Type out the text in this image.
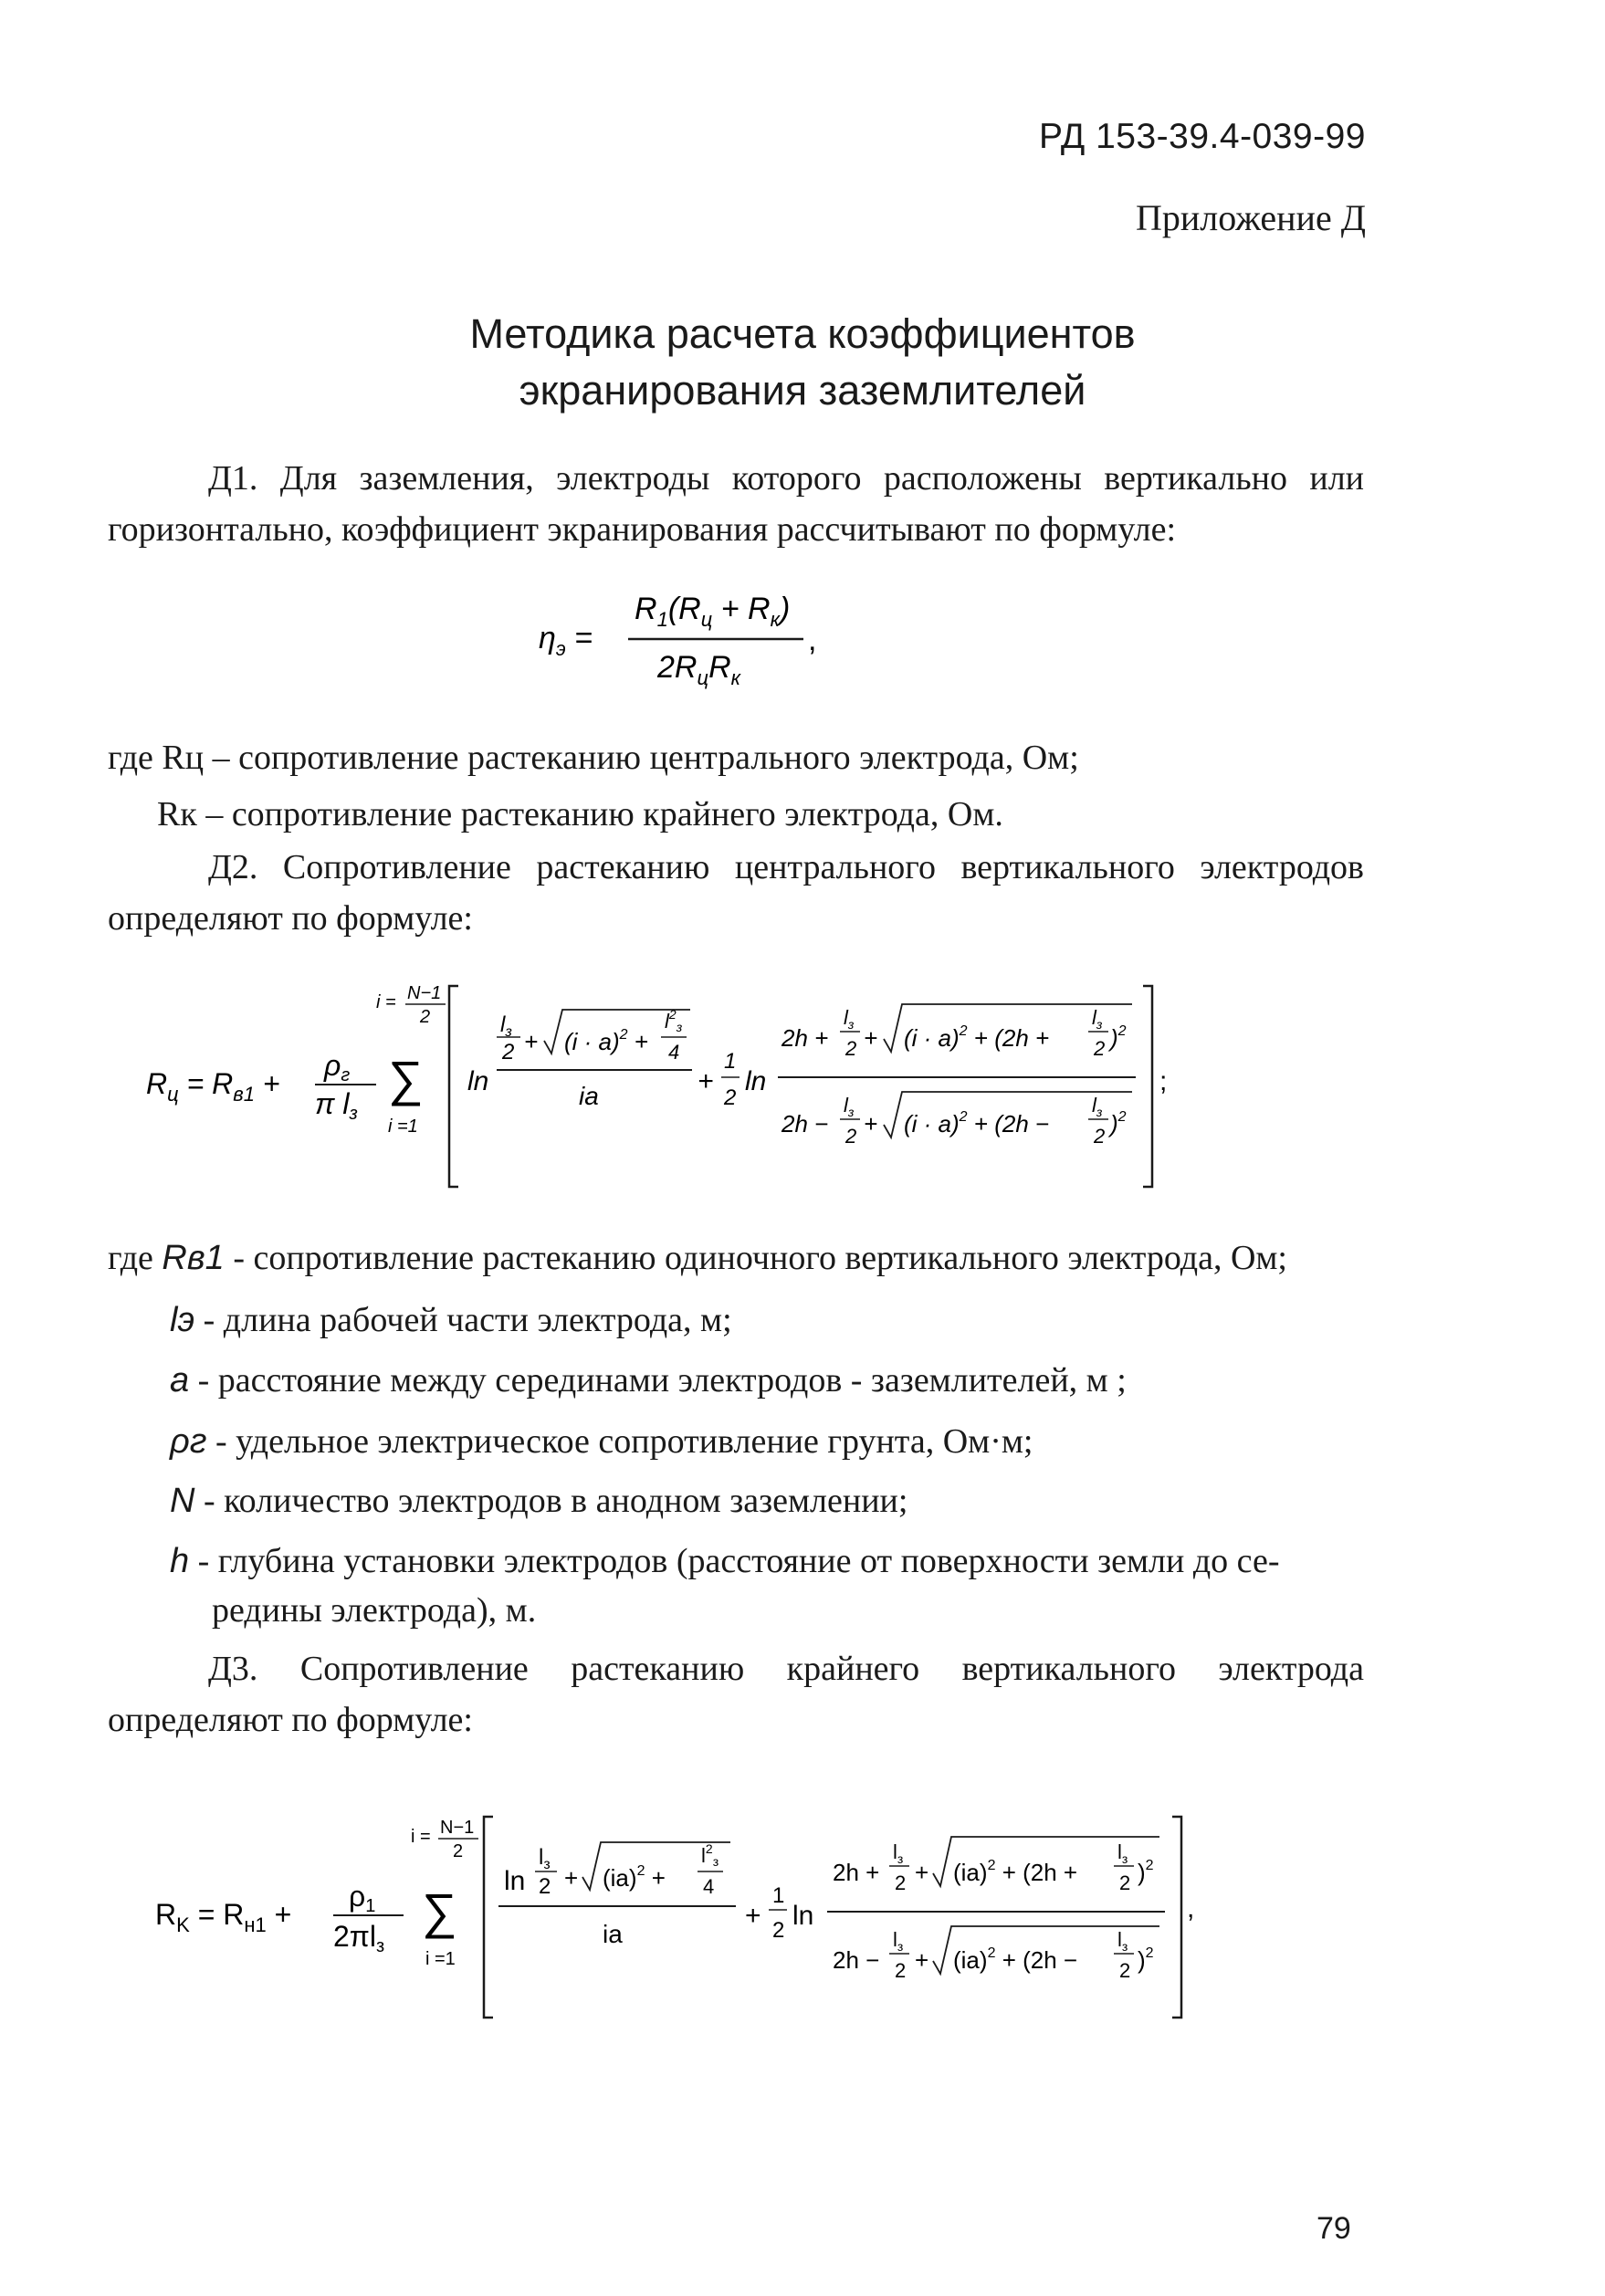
РД 153-39.4-039-99
Приложение Д
Методика расчета коэффициентов
экранирования заземлителей
Д1. Для заземления, электроды которого расположены вертикально или горизонтально, коэффициент экранирования рассчитывают по формуле:
$\eta_э$ =
$R_1(R_ц + R_к)$
$2R_цR_к$
,
где Rц – сопротивление растеканию центрального электрода, Ом;
Rк – сопротивление растеканию крайнего электрода, Ом.
Д2. Сопротивление растеканию центрального вертикального электродов определяют по формуле:
$R_ц = R_{в1}$ +
ρг
π lз
i = N−1
2
∑
i =1
ln
$l_з$
$2 + (i \cdot a)^2$ +
$l^2_з$
4
ia	+
1
2
ln
2h +
$l_з$
$2 + (i \cdot a)^2 + (2h$ +
$l_з$
2 )$^2$
2h −
$l_з$
$2 + (i \cdot a)^2 + (2h$ −
$l_з$
2 )$^2$
;
где Rв1 - сопротивление растеканию одиночного вертикального электрода, Ом;
lэ - длина рабочей части электрода, м;
a - расстояние между серединами электродов - заземлителей, м ;
ρг - удельное электрическое сопротивление грунта, Ом·м;
N - количество электродов в анодном заземлении;
h - глубина установки электродов (расстояние от поверхности земли до се-
редины электрода), м.
Д3. Сопротивление растеканию крайнего вертикального электрода определяют по формуле:
$R_K = R_{н1}$ +
ρ1
2πlз
i = N−1
2
∑
i =1
ln
$l_з$
2 + (ia)$^2$ +
$l^2_з$
4
ia
+
1
2 ln
2h +
$l_з$
2 + (ia)$^2$ + (2h +
$l_з$
2 )$^2$
2h −
$l_з$
2 + (ia)$^2$ + (2h −
$l_з$
2 )$^2$
,
79
